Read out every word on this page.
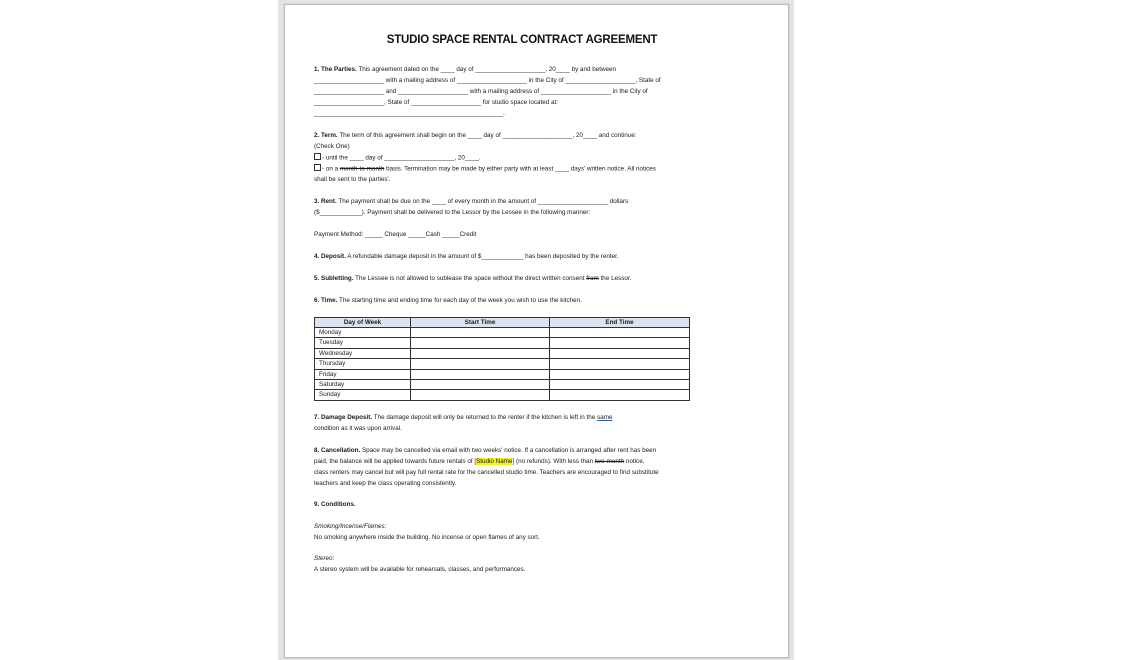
STUDIO SPACE RENTAL CONTRACT AGREEMENT
1. The Parties. This agreement dated on the ____ day of ____________________, 20____ by and between
____________________ with a mailing address of ____________________ in the City of ____________________, State of
____________________ and ____________________ with a mailing address of ____________________ in the City of
____________________, State of ____________________ for studio space located at:
______________________________________________________.
2. Term. The term of this agreement shall begin on the ____ day of ____________________, 20____ and continue:
(Check One)
- until the ____ day of ____________________, 20____.
- on a month-to-month basis. Termination may be made by either party with at least ____ days' written notice. All notices
shall be sent to the parties'.
3. Rent. The payment shall be due on the ____ of every month in the amount of ____________________ dollars
($____________). Payment shall be delivered to the Lessor by the Lessee in the following manner:
Payment Method: _____ Cheque _____Cash _____Credit
4. Deposit. A refundable damage deposit in the amount of $____________ has been deposited by the renter.
5. Subletting. The Lessee is not allowed to sublease the space without the direct written consent from the Lessor.
6. Time. The starting time and ending time for each day of the week you wish to use the kitchen.
Day of Week	Start Time	End Time
Monday		
Tuesday		
Wednesday		
Thursday		
Friday		
Saturday		
Sunday		
7. Damage Deposit. The damage deposit will only be returned to the renter if the kitchen is left in the same
condition as it was upon arrival.
8. Cancellation. Space may be cancelled via email with two weeks' notice. If a cancellation is arranged after rent has been
paid, the balance will be applied towards future rentals of [Studio Name] (no refunds). With less than two-month notice,
class renters may cancel but will pay full rental rate for the cancelled studio time. Teachers are encouraged to find substitute
teachers and keep the class operating consistently.
9. Conditions.
Smoking/Incense/Flames:
No smoking anywhere inside the building. No incense or open flames of any sort.
Stereo:
A stereo system will be available for rehearsals, classes, and performances.
